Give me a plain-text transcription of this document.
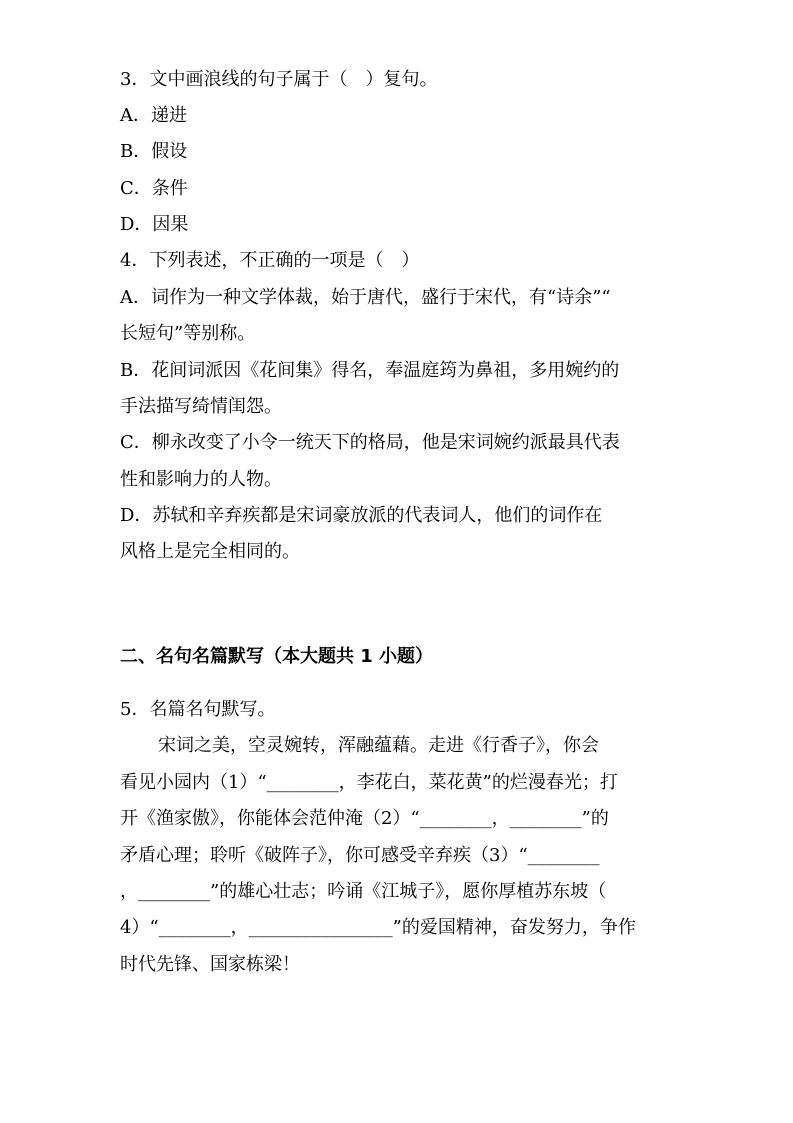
3．文中画浪线的句子属于（　）复句。
A．递进
B．假设
C．条件
D．因果
4．下列表述，不正确的一项是（　）
A．词作为一种文学体裁，始于唐代，盛行于宋代，有“诗余”“
长短句”等别称。
B．花间词派因《花间集》得名，奉温庭筠为鼻祖，多用婉约的
手法描写绮情闺怨。
C．柳永改变了小令一统天下的格局，他是宋词婉约派最具代表
性和影响力的人物。
D．苏轼和辛弃疾都是宋词豪放派的代表词人，他们的词作在
风格上是完全相同的。
二、名句名篇默写（本大题共 1 小题）
5．名篇名句默写。
宋词之美，空灵婉转，浑融蕴藉。走进《行香子》，你会
看见小园内（1）“________，李花白，菜花黄”的烂漫春光；打
开《渔家傲》，你能体会范仲淹（2）“________，________”的
矛盾心理；聆听《破阵子》，你可感受辛弃疾（3）“________
，________”的雄心壮志；吟诵《江城子》，愿你厚植苏东坡（
4）“________，________________”的爱国精神，奋发努力，争作
时代先锋、国家栋梁！
